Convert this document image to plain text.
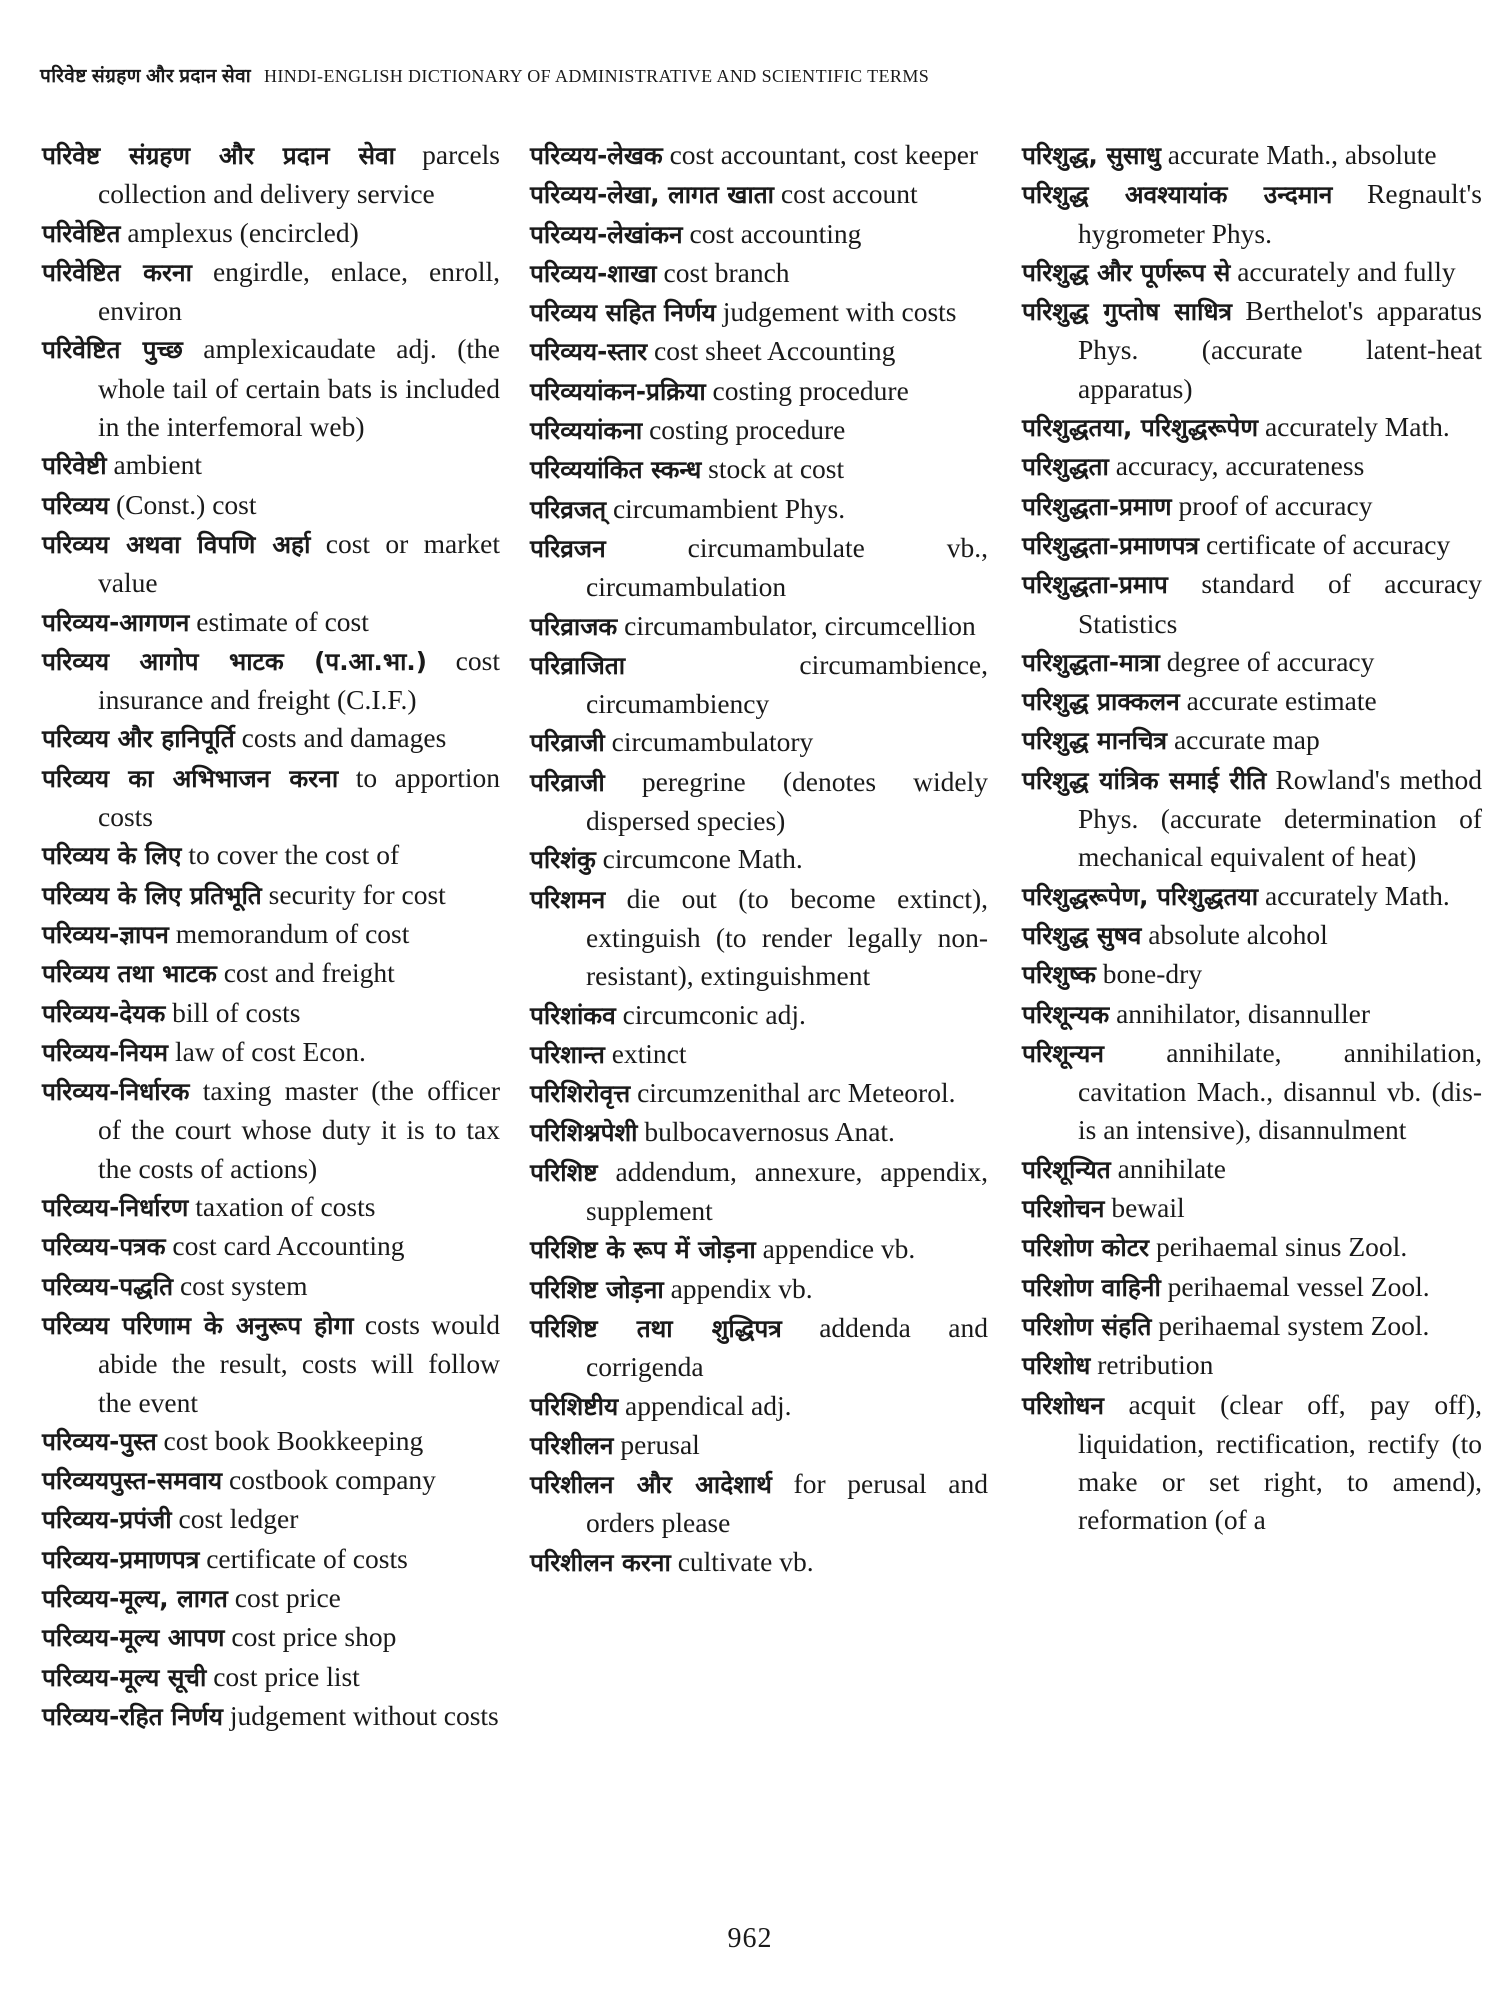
परिवेष्ट संग्रहण और प्रदान सेवा HINDI-ENGLISH DICTIONARY OF ADMINISTRATIVE AND SCIENTIFIC TERMS

परिवेष्ट संग्रहण और प्रदान सेवा parcels collection and delivery service

परिवेष्टित amplexus (encircled)

परिवेष्टित करना engirdle, enlace, enroll, environ

परिवेष्टित पुच्छ amplexicaudate adj. (the whole tail of certain bats is included in the interfemoral web)

परिवेष्टी ambient

परिव्यय (Const.) cost

परिव्यय अथवा विपणि अर्हा cost or market value

परिव्यय-आगणन estimate of cost

परिव्यय आगोप भाटक (प.आ.भा.) cost insurance and freight (C.I.F.)

परिव्यय और हानिपूर्ति costs and damages

परिव्यय का अभिभाजन करना to apportion costs

परिव्यय के लिए to cover the cost of

परिव्यय के लिए प्रतिभूति security for cost

परिव्यय-ज्ञापन memorandum of cost

परिव्यय तथा भाटक cost and freight

परिव्यय-देयक bill of costs

परिव्यय-नियम law of cost Econ.

परिव्यय-निर्धारक taxing master (the officer of the court whose duty it is to tax the costs of actions)

परिव्यय-निर्धारण taxation of costs

परिव्यय-पत्रक cost card Accounting

परिव्यय-पद्धति cost system

परिव्यय परिणाम के अनुरूप होगा costs would abide the result, costs will follow the event

परिव्यय-पुस्त cost book Bookkeeping

परिव्ययपुस्त-समवाय costbook company

परिव्यय-प्रपंजी cost ledger

परिव्यय-प्रमाणपत्र certificate of costs

परिव्यय-मूल्य, लागत cost price

परिव्यय-मूल्य आपण cost price shop

परिव्यय-मूल्य सूची cost price list

परिव्यय-रहित निर्णय judgement without costs

परिव्यय-लेखक cost accountant, cost keeper

परिव्यय-लेखा, लागत खाता cost account

परिव्यय-लेखांकन cost accounting

परिव्यय-शाखा cost branch

परिव्यय सहित निर्णय judgement with costs

परिव्यय-स्तार cost sheet Accounting

परिव्ययांकन-प्रक्रिया costing procedure

परिव्ययांकना costing procedure

परिव्ययांकित स्कन्ध stock at cost

परिव्रजत् circumambient Phys.

परिव्रजन circumambulate vb., circumambulation

परिव्राजक circumambulator, circumcellion

परिव्राजिता circumambience, circumambiency

परिव्राजी circumambulatory

परिव्राजी peregrine (denotes widely dispersed species)

परिशंकु circumcone Math.

परिशमन die out (to become extinct), extinguish (to render legally non-resistant), extinguishment

परिशांकव circumconic adj.

परिशान्त extinct

परिशिरोवृत्त circumzenithal arc Meteorol.

परिशिश्नपेशी bulbocavernosus Anat.

परिशिष्ट addendum, annexure, appendix, supplement

परिशिष्ट के रूप में जोड़ना appendice vb.

परिशिष्ट जोड़ना appendix vb.

परिशिष्ट तथा शुद्धिपत्र addenda and corrigenda

परिशिष्टीय appendical adj.

परिशीलन perusal

परिशीलन और आदेशार्थ for perusal and orders please

परिशीलन करना cultivate vb.

परिशुद्ध, सुसाधु accurate Math., absolute

परिशुद्ध अवश्यायांक उन्दमान Regnault's hygrometer Phys.

परिशुद्ध और पूर्णरूप से accurately and fully

परिशुद्ध गुप्तोष साधित्र Berthelot's apparatus Phys. (accurate latent-heat apparatus)

परिशुद्धतया, परिशुद्धरूपेण accurately Math.

परिशुद्धता accuracy, accurateness

परिशुद्धता-प्रमाण proof of accuracy

परिशुद्धता-प्रमाणपत्र certificate of accuracy

परिशुद्धता-प्रमाप standard of accuracy Statistics

परिशुद्धता-मात्रा degree of accuracy

परिशुद्ध प्राक्कलन accurate estimate

परिशुद्ध मानचित्र accurate map

परिशुद्ध यांत्रिक समाई रीति Rowland's method Phys. (accurate determination of mechanical equivalent of heat)

परिशुद्धरूपेण, परिशुद्धतया accurately Math.

परिशुद्ध सुषव absolute alcohol

परिशुष्क bone-dry

परिशून्यक annihilator, disannuller

परिशून्यन annihilate, annihilation, cavitation Mach., disannul vb. (dis- is an intensive), disannulment

परिशून्यित annihilate

परिशोचन bewail

परिशोण कोटर perihaemal sinus Zool.

परिशोण वाहिनी perihaemal vessel Zool.

परिशोण संहति perihaemal system Zool.

परिशोध retribution

परिशोधन acquit (clear off, pay off), liquidation, rectification, rectify (to make or set right, to amend), reformation (of a

962
